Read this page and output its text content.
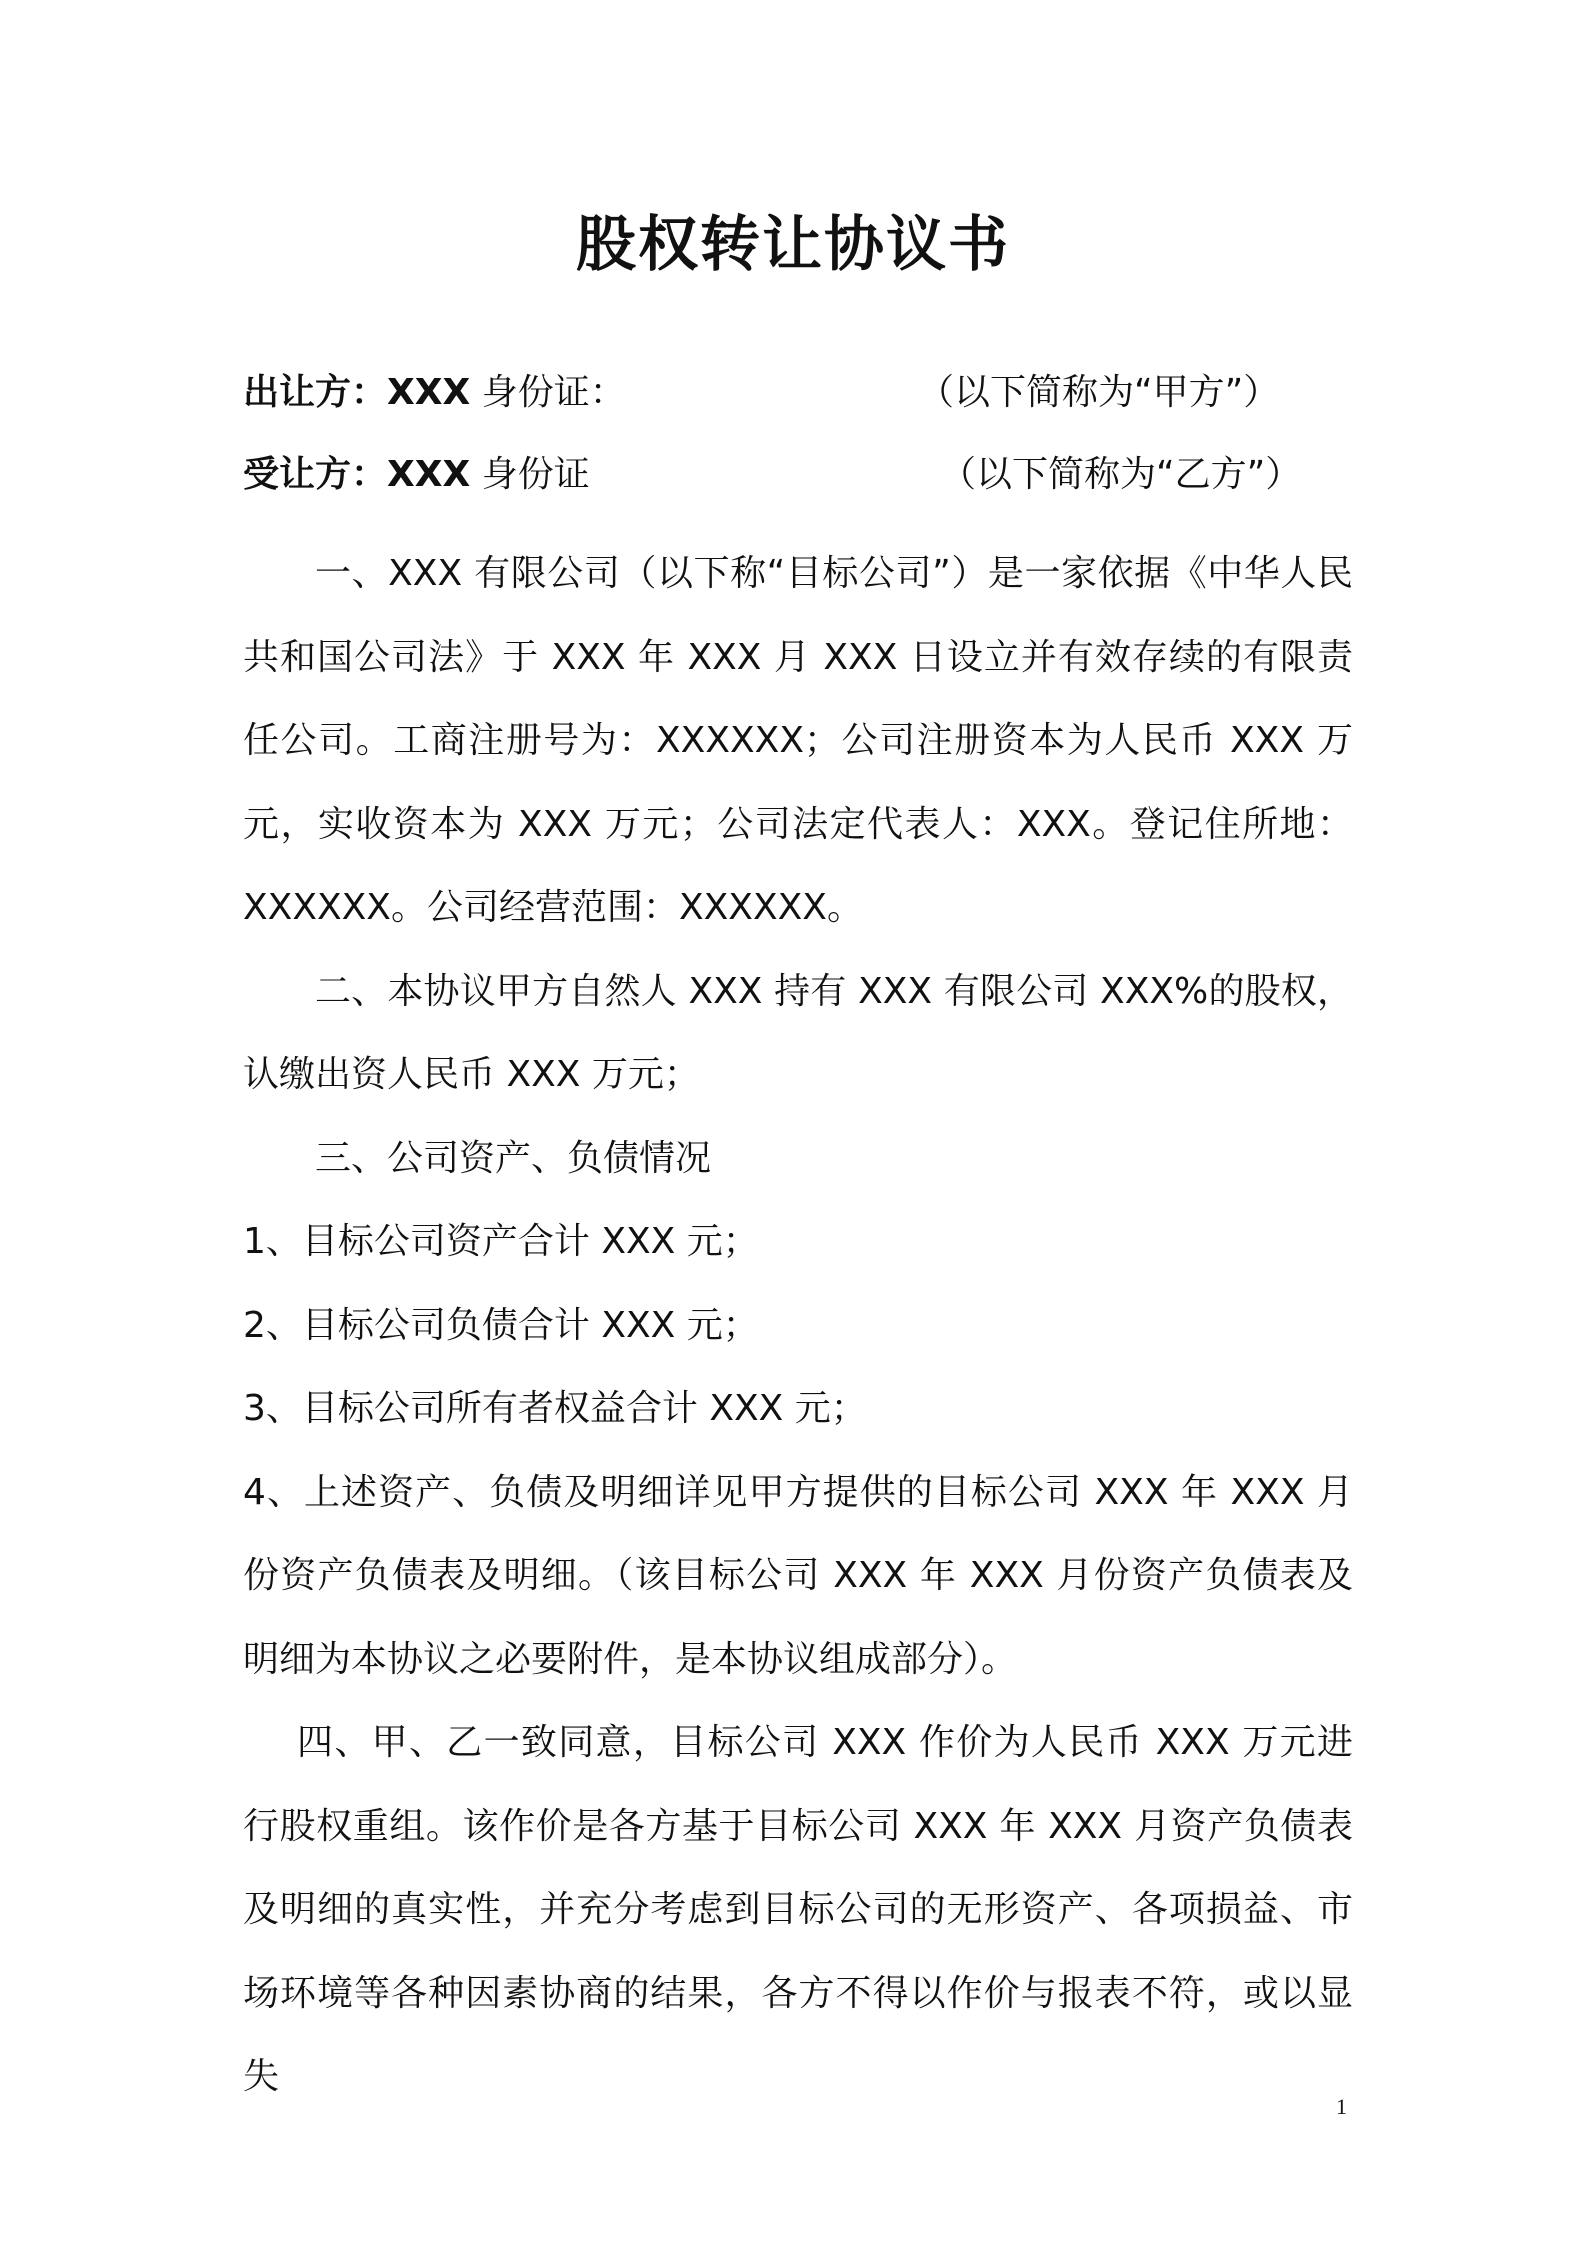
股权转让协议书
出让方：XXX 身份证：	（以下简称为“甲方”）
受让方：XXX 身份证	（以下简称为“乙方”）

一、XXX 有限公司（以下称“目标公司”）是一家依据《中华人民共和国公司法》于 XXX 年 XXX 月 XXX 日设立并有效存续的有限责任公司。工商注册号为：XXXXXX；公司注册资本为人民币 XXX 万元，实收资本为 XXX 万元；公司法定代表人：XXX。登记住所地：XXXXXX。公司经营范围：XXXXXX。

二、本协议甲方自然人 XXX 持有 XXX 有限公司 XXX%的股权，认缴出资人民币 XXX 万元；

三、公司资产、负债情况

1、目标公司资产合计 XXX 元；

2、目标公司负债合计 XXX 元；

3、目标公司所有者权益合计 XXX 元；

4、上述资产、负债及明细详见甲方提供的目标公司 XXX 年 XXX 月份资产负债表及明细。（该目标公司 XXX 年 XXX 月份资产负债表及明细为本协议之必要附件，是本协议组成部分）。

四、甲、乙一致同意，目标公司 XXX 作价为人民币 XXX 万元进行股权重组。该作价是各方基于目标公司 XXX 年 XXX 月资产负债表及明细的真实性，并充分考虑到目标公司的无形资产、各项损益、市场环境等各种因素协商的结果，各方不得以作价与报表不符，或以显失

1
